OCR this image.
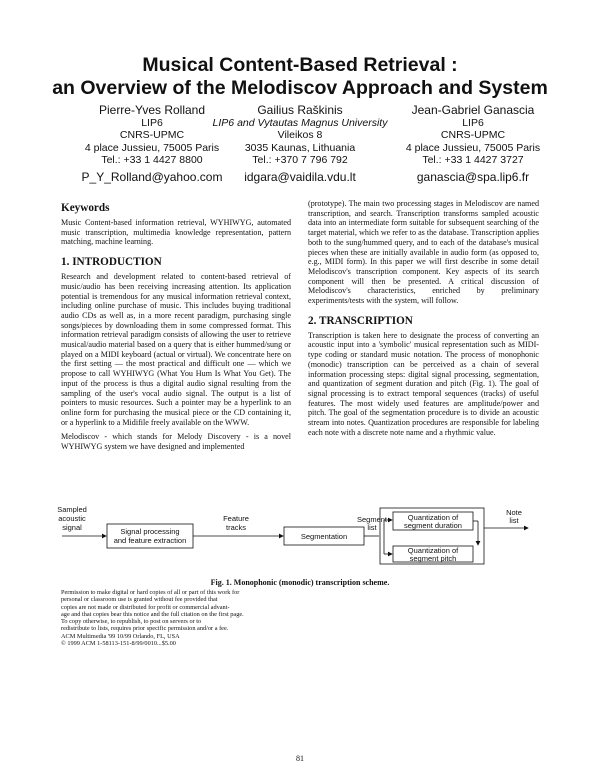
Musical Content-Based Retrieval :
an Overview of the Melodiscov Approach and System
Pierre-Yves Rolland
LIP6
CNRS-UPMC
4 place Jussieu, 75005 Paris
Tel.: +33 1 4427 8800
Gailius Raškinis
LIP6 and Vytautas Magnus University
Vileikos 8
3035 Kaunas, Lithuania
Tel.: +370 7 796 792
Jean-Gabriel Ganascia
LIP6
CNRS-UPMC
4 place Jussieu, 75005 Paris
Tel.: +33 1 4427 3727
P_Y_Rolland@yahoo.com	idgara@vaidila.vdu.lt	ganascia@spa.lip6.fr
Keywords

Music Content-based information retrieval, WYHIWYG, automated music transcription, multimedia knowledge representation, pattern matching, machine learning.

1. INTRODUCTION

Research and development related to content-based retrieval of music/audio has been receiving increasing attention. Its application potential is tremendous for any musical information retrieval context, including online purchase of music. This includes buying traditional audio CDs as well as, in a more recent paradigm, purchasing single songs/pieces by downloading them in some compressed format. This information retrieval paradigm consists of allowing the user to retrieve musical/audio material based on a query that is either hummed/sung or played on a MIDI keyboard (actual or virtual). We concentrate here on the first setting — the most practical and difficult one — which we propose to call WYHIWYG (What You Hum Is What You Get). The input of the process is thus a digital audio signal resulting from the sampling of the user's vocal audio signal. The output is a list of pointers to music resources. Such a pointer may be a hyperlink to an online form for purchasing the musical piece or the CD containing it, or a hyperlink to a Midifile freely available on the WWW.

Melodiscov - which stands for Melody Discovery - is a novel WYHIWYG system we have designed and implemented

(prototype). The main two processing stages in Melodiscov are named transcription, and search. Transcription transforms sampled acoustic data into an intermediate form suitable for subsequent searching of the target material, which we refer to as the database. Transcription applies both to the sung/hummed query, and to each of the database's musical pieces when these are initially available in audio form (as opposed to, e.g., MIDI form). In this paper we will first describe in some detail Melodiscov's transcription component. Key aspects of its search component will then be presented. A critical discussion of Melodiscov's characteristics, enriched by preliminary experiments/tests with the system, will follow.

2. TRANSCRIPTION

Transcription is taken here to designate the process of converting an acoustic input into a 'symbolic' musical representation such as MIDI-type coding or standard music notation. The process of monophonic (monodic) transcription can be perceived as a chain of several information processing steps: digital signal processing, segmentation, and quantization of segment duration and pitch (Fig. 1). The goal of signal processing is to extract temporal sequences (tracks) of useful features. The most widely used features are amplitude/power and pitch. The goal of the segmentation procedure is to divide an acoustic stream into notes. Quantization procedures are responsible for labeling each note with a discrete note name and a rhythmic value.

Sampled
acoustic
signal	Signal processing
and feature extraction
Feature
tracks
Segmentation
Segment
list
Quantization of
segment duration
Quantization of
segment pitch
Note
list
Fig. 1. Monophonic (monodic) transcription scheme.
Permission to make digital or hard copies of all or part of this work for
personal or classroom use is granted without fee provided that
copies are not made or distributed for profit or commercial advant-
age and that copies bear this notice and the full citation on the first page.
To copy otherwise, to republish, to post on servers or to
redistribute to lists, requires prior specific permission and/or a fee.
ACM Multimedia '99 10/99 Orlando, FL, USA
© 1999 ACM 1-58113-151-8/99/0010...$5.00
81
